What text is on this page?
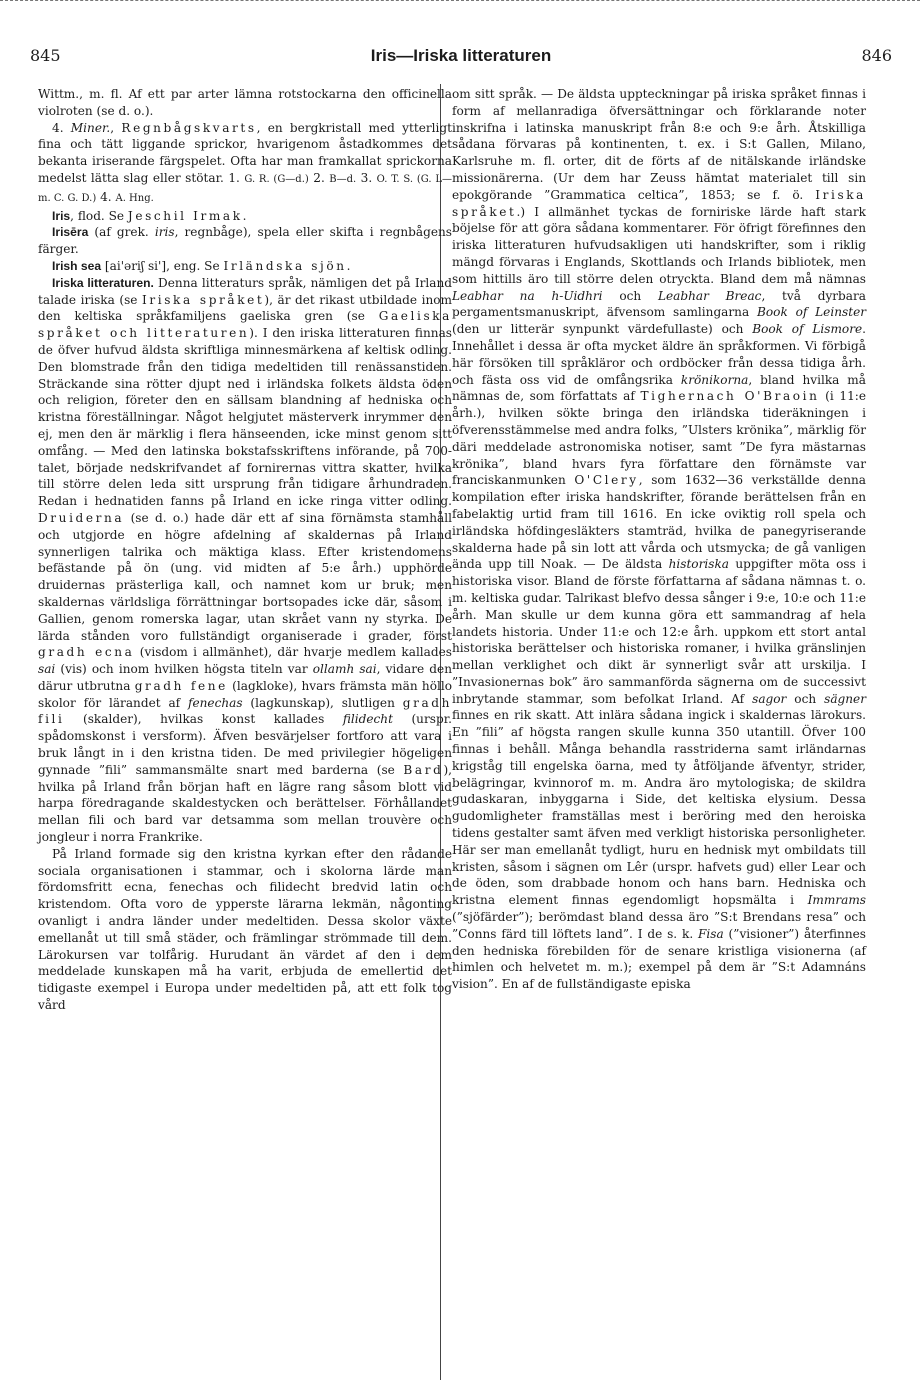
845	Iris—Iriska litteraturen	846

Wittm., m. fl. Af ett par arter lämna rotstockarna den officinella violroten (se d. o.).

4. Miner., Regnbågskvarts, en bergkristall med ytterligt fina och tätt liggande sprickor, hvarigenom åstadkommes det bekanta iriserande färgspelet. Ofta har man framkallat sprickorna medelst lätta slag eller stötar. 1. G. R. (G—d.) 2. B—d. 3. O. T. S. (G. L—m. C. G. D.) 4. A. Hng.

Iris, flod. Se Jeschil Irmak.

Irisēra (af grek. iris, regnbåge), spela eller skifta i regnbågens färger.

Irish sea [ai'əriʃ si'], eng. Se Irländska sjön.

Iriska litteraturen. Denna litteraturs språk, nämligen det på Irland talade iriska (se Iriska språket), är det rikast utbildade inom den keltiska språkfamiljens gaeliska gren (se Gaeliska språket och litteraturen). I den iriska litteraturen finnas de öfver hufvud äldsta skriftliga minnesmärkena af keltisk odling. Den blomstrade från den tidiga medeltiden till renässanstiden. Sträckande sina rötter djupt ned i irländska folkets äldsta öden och religion, företer den en sällsam blandning af hedniska och kristna föreställningar. Något helgjutet mästerverk inrymmer den ej, men den är märklig i flera hänseenden, icke minst genom sitt omfång. — Med den latinska bokstafsskriftens införande, på 700-talet, började nedskrifvandet af fornirernas vittra skatter, hvilka till större delen leda sitt ursprung från tidigare århundraden. Redan i hednatiden fanns på Irland en icke ringa vitter odling. Druiderna (se d. o.) hade där ett af sina förnämsta stamhåll och utgjorde en högre afdelning af skaldernas på Irland synnerligen talrika och mäktiga klass. Efter kristendomens befästande på ön (ung. vid midten af 5:e årh.) upphörde druidernas prästerliga kall, och namnet kom ur bruk; men skaldernas världsliga förrättningar bortsopades icke där, såsom i Gallien, genom romerska lagar, utan skrået vann ny styrka. De lärda stånden voro fullständigt organiserade i grader, först gradh ecna (visdom i allmänhet), där hvarje medlem kallades sai (vis) och inom hvilken högsta titeln var ollamh sai, vidare den därur utbrutna gradh fene (lagkloke), hvars främsta män höllo skolor för lärandet af fenechas (lagkunskap), slutligen gradh fili (skalder), hvilkas konst kallades filidecht (urspr. spådomskonst i versform). Äfven besvärjelser fortforo att vara i bruk långt in i den kristna tiden. De med privilegier högeligen gynnade ”fili” sammansmälte snart med barderna (se Bard), hvilka på Irland från början haft en lägre rang såsom blott vid harpa föredragande skaldestycken och berättelser. Förhållandet mellan fili och bard var detsamma som mellan trouvère och jongleur i norra Frankrike.

På Irland formade sig den kristna kyrkan efter den rådande sociala organisationen i stammar, och i skolorna lärde man fördomsfritt ecna, fenechas och filidecht bredvid latin och kristendom. Ofta voro de ypperste lärarna lekmän, någonting ovanligt i andra länder under medeltiden. Dessa skolor växte emellanåt ut till små städer, och främlingar strömmade till dem. Lärokursen var tolfårig. Hurudant än värdet af den i dem meddelade kunskapen må ha varit, erbjuda de emellertid det tidigaste exempel i Europa under medeltiden på, att ett folk tog vård

om sitt språk. — De äldsta uppteckningar på iriska språket finnas i form af mellanradiga öfversättningar och förklarande noter inskrifna i latinska manuskript från 8:e och 9:e årh. Åtskilliga sådana förvaras på kontinenten, t. ex. i S:t Gallen, Milano, Karlsruhe m. fl. orter, dit de förts af de nitälskande irländske missionärerna. (Ur dem har Zeuss hämtat materialet till sin epokgörande ”Grammatica celtica”, 1853; se f. ö. Iriska språket.) I allmänhet tyckas de forniriske lärde haft stark böjelse för att göra sådana kommentarer. För öfrigt förefinnes den iriska litteraturen hufvudsakligen uti handskrifter, som i riklig mängd förvaras i Englands, Skottlands och Irlands bibliotek, men som hittills äro till större delen otryckta. Bland dem må nämnas Leabhar na h-Uidhri och Leabhar Breac, två dyrbara pergamentsmanuskript, äfvensom samlingarna Book of Leinster (den ur litterär synpunkt värdefullaste) och Book of Lismore. Innehållet i dessa är ofta mycket äldre än språkformen. Vi förbigå här försöken till språkläror och ordböcker från dessa tidiga årh. och fästa oss vid de omfångsrika krönikorna, bland hvilka må nämnas de, som författats af Tighernach O'Braoin (i 11:e årh.), hvilken sökte bringa den irländska tideräkningen i öfverensstämmelse med andra folks, ”Ulsters krönika”, märklig för däri meddelade astronomiska notiser, samt ”De fyra mästarnas krönika”, bland hvars fyra författare den förnämste var franciskanmunken O'Clery, som 1632—36 verkställde denna kompilation efter iriska handskrifter, förande berättelsen från en fabelaktig urtid fram till 1616. En icke oviktig roll spela och irländska höfdingesläkters stamträd, hvilka de panegyriserande skalderna hade på sin lott att vårda och utsmycka; de gå vanligen ända upp till Noak. — De äldsta historiska uppgifter möta oss i historiska visor. Bland de förste författarna af sådana nämnas t. o. m. keltiska gudar. Talrikast blefvo dessa sånger i 9:e, 10:e och 11:e årh. Man skulle ur dem kunna göra ett sammandrag af hela landets historia. Under 11:e och 12:e årh. uppkom ett stort antal historiska berättelser och historiska romaner, i hvilka gränslinjen mellan verklighet och dikt är synnerligt svår att urskilja. I ”Invasionernas bok” äro sammanförda sägnerna om de successivt inbrytande stammar, som befolkat Irland. Af sagor och sägner finnes en rik skatt. Att inlära sådana ingick i skaldernas lärokurs. En ”fili” af högsta rangen skulle kunna 350 utantill. Öfver 100 finnas i behåll. Många behandla rasstriderna samt irländarnas krigståg till engelska öarna, med ty åtföljande äfventyr, strider, belägringar, kvinnorof m. m. Andra äro mytologiska; de skildra gudaskaran, inbyggarna i Side, det keltiska elysium. Dessa gudomligheter framställas mest i beröring med den heroiska tidens gestalter samt äfven med verkligt historiska personligheter. Här ser man emellanåt tydligt, huru en hednisk myt ombildats till kristen, såsom i sägnen om Lêr (urspr. hafvets gud) eller Lear och de öden, som drabbade honom och hans barn. Hedniska och kristna element finnas egendomligt hopsmälta i Immrams (”sjöfärder”); berömdast bland dessa äro ”S:t Brendans resa” och ”Conns färd till löftets land”. I de s. k. Fisa (”visioner”) återfinnes den hedniska förebilden för de senare kristliga visionerna (af himlen och helvetet m. m.); exempel på dem är ”S:t Adamnáns vision”. En af de fullständigaste episka
